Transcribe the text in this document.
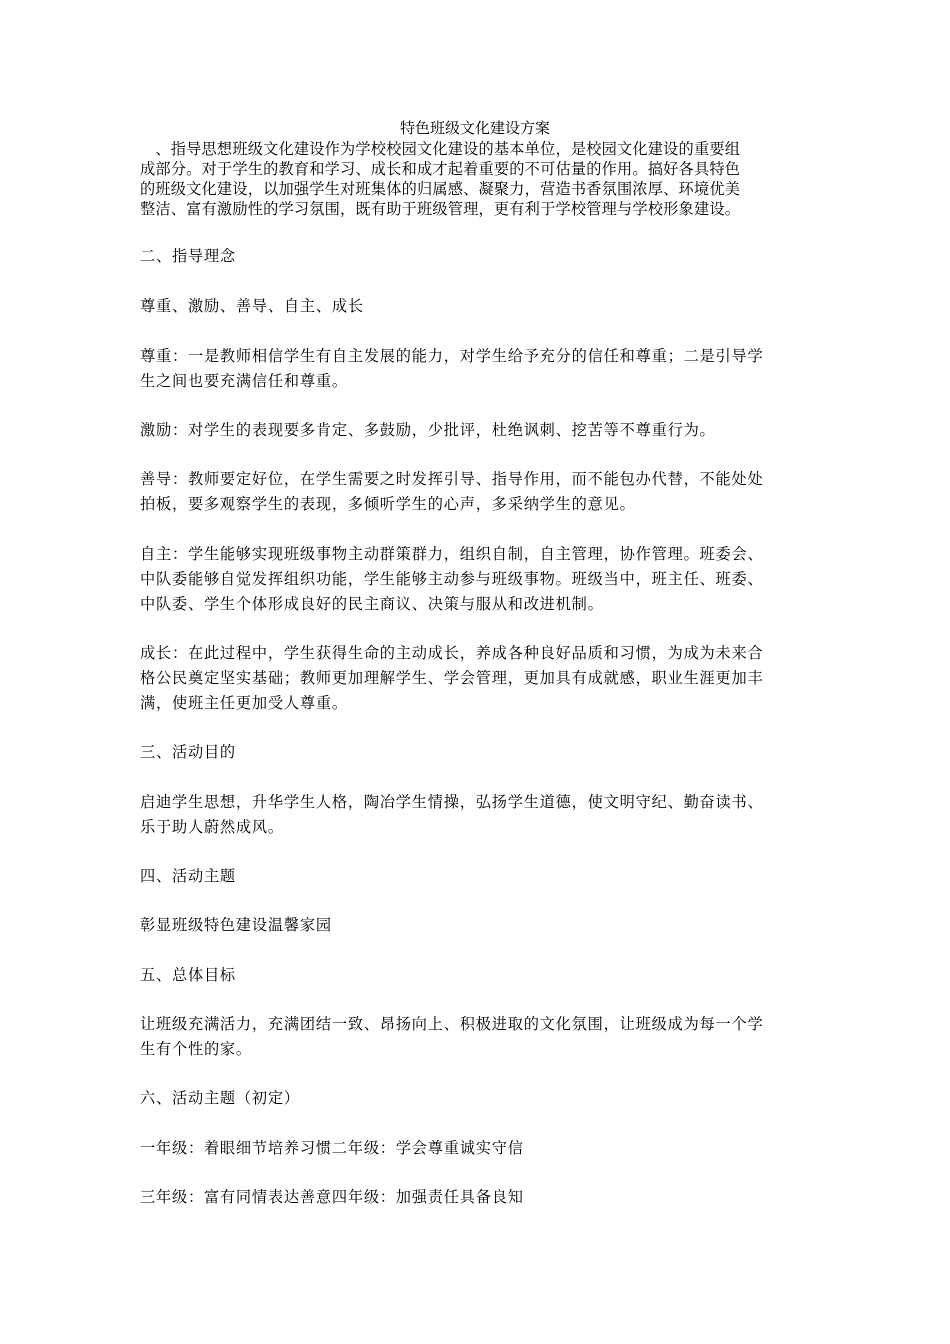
特色班级文化建设方案
　、指导思想班级文化建设作为学校校园文化建设的基本单位，是校园文化建设的重要组
成部分。对于学生的教育和学习、成长和成才起着重要的不可估量的作用。搞好各具特色
的班级文化建设，以加强学生对班集体的归属感、凝聚力，营造书香氛围浓厚、环境优美
整洁、富有激励性的学习氛围，既有助于班级管理，更有利于学校管理与学校形象建设。
二、指导理念
尊重、激励、善导、自主、成长
尊重：一是教师相信学生有自主发展的能力，对学生给予充分的信任和尊重；二是引导学
生之间也要充满信任和尊重。
激励：对学生的表现要多肯定、多鼓励，少批评，杜绝讽刺、挖苦等不尊重行为。
善导：教师要定好位，在学生需要之时发挥引导、指导作用，而不能包办代替，不能处处
拍板，要多观察学生的表现，多倾听学生的心声，多采纳学生的意见。
自主：学生能够实现班级事物主动群策群力，组织自制，自主管理，协作管理。班委会、
中队委能够自觉发挥组织功能，学生能够主动参与班级事物。班级当中，班主任、班委、
中队委、学生个体形成良好的民主商议、决策与服从和改进机制。
成长：在此过程中，学生获得生命的主动成长，养成各种良好品质和习惯，为成为未来合
格公民奠定坚实基础；教师更加理解学生、学会管理，更加具有成就感，职业生涯更加丰
满，使班主任更加受人尊重。
三、活动目的
启迪学生思想，升华学生人格，陶冶学生情操，弘扬学生道德，使文明守纪、勤奋读书、
乐于助人蔚然成风。
四、活动主题
彰显班级特色建设温馨家园
五、总体目标
让班级充满活力，充满团结一致、昂扬向上、积极进取的文化氛围，让班级成为每一个学
生有个性的家。
六、活动主题（初定）
一年级：着眼细节培养习惯二年级：学会尊重诚实守信
三年级：富有同情表达善意四年级：加强责任具备良知
